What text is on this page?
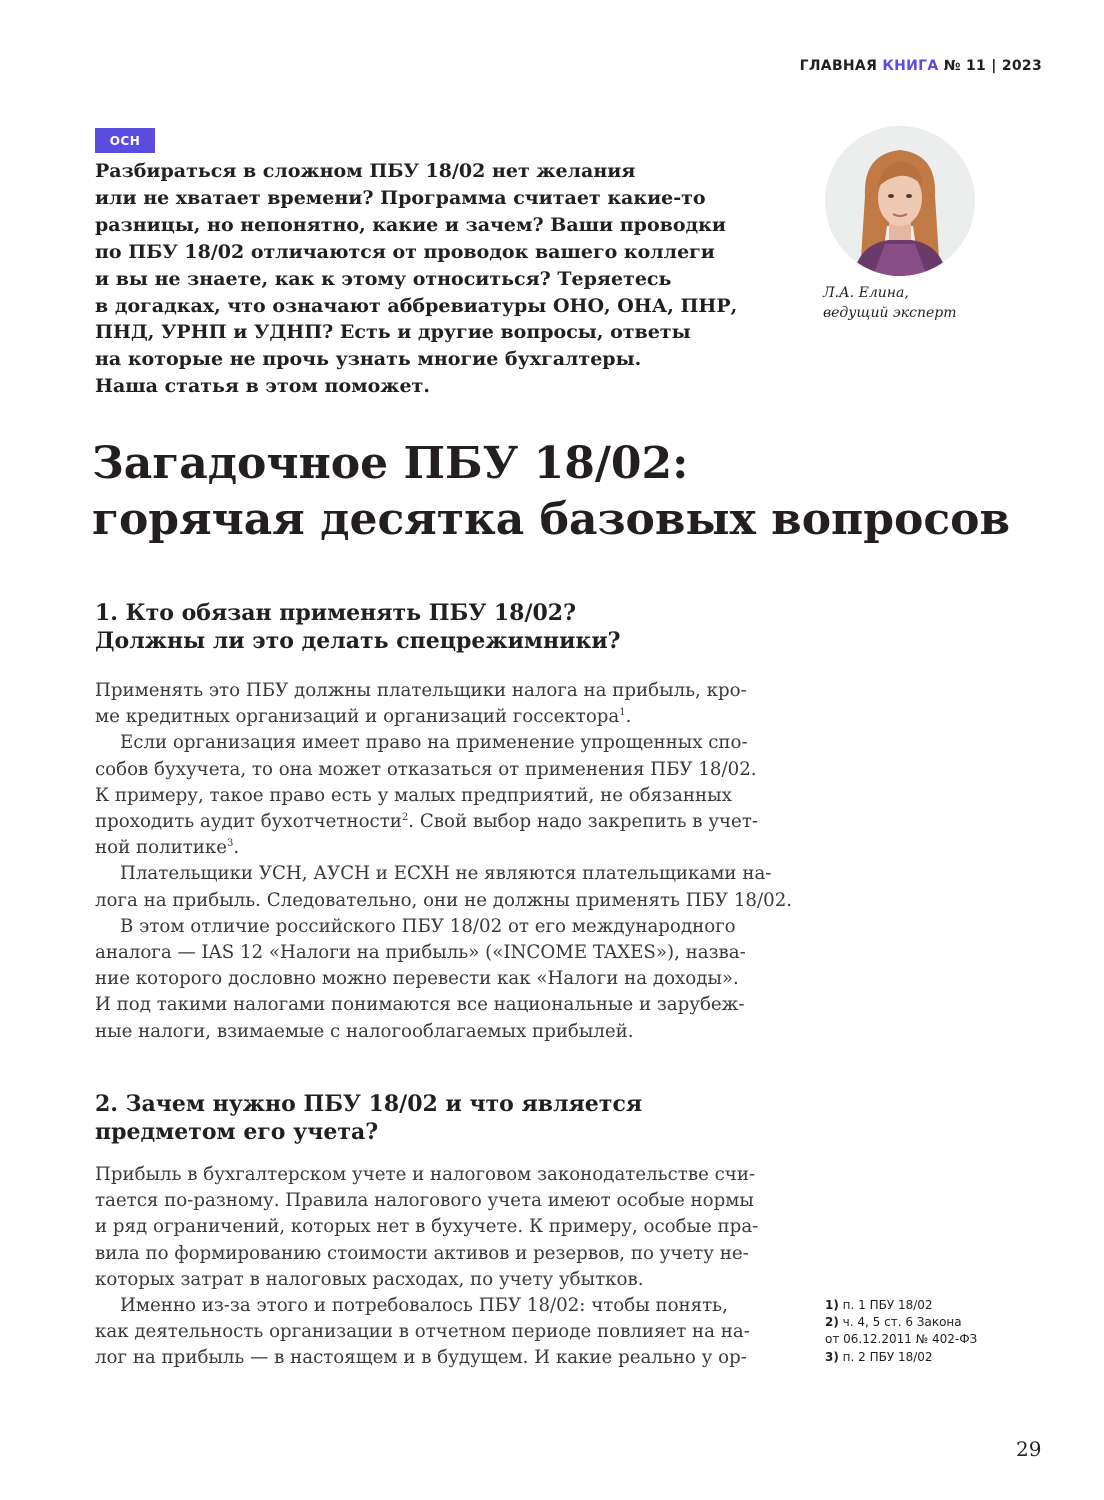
ГЛАВНАЯ КНИГА № 11 | 2023
ОСН
Разбираться в сложном ПБУ 18/02 нет желания
или не хватает времени? Программа считает какие-то
разницы, но непонятно, какие и зачем? Ваши проводки
по ПБУ 18/02 отличаются от проводок вашего коллеги
и вы не знаете, как к этому относиться? Теряетесь
в догадках, что означают аббревиатуры ОНО, ОНА, ПНР,
ПНД, УРНП и УДНП? Есть и другие вопросы, ответы
на которые не прочь узнать многие бухгалтеры.
Наша статья в этом поможет.
Л.А. Елина,
ведущий эксперт
Загадочное ПБУ 18/02:
горячая десятка базовых вопросов
1. Кто обязан применять ПБУ 18/02?
Должны ли это делать спецрежимники?
Применять это ПБУ должны плательщики налога на прибыль, кро-
ме кредитных организаций и организаций госсектора$^1$.
Если организация имеет право на применение упрощенных спо-
собов бухучета, то она может отказаться от применения ПБУ 18/02.
К примеру, такое право есть у малых предприятий, не обязанных
проходить аудит бухотчетности$^2$. Свой выбор надо закрепить в учет-
ной политике$^3$.
Плательщики УСН, АУСН и ЕСХН не являются плательщиками на-
лога на прибыль. Следовательно, они не должны применять ПБУ 18/02.
В этом отличие российского ПБУ 18/02 от его международного
аналога — IAS 12 «Налоги на прибыль» («INCOME TAXES»), назва-
ние которого дословно можно перевести как «Налоги на доходы».
И под такими налогами понимаются все национальные и зарубеж-
ные налоги, взимаемые с налогооблагаемых прибылей.
2. Зачем нужно ПБУ 18/02 и что является
предметом его учета?
Прибыль в бухгалтерском учете и налоговом законодательстве счи-
тается по-разному. Правила налогового учета имеют особые нормы
и ряд ограничений, которых нет в бухучете. К примеру, особые пра-
вила по формированию стоимости активов и резервов, по учету не-
которых затрат в налоговых расходах, по учету убытков.
Именно из-за этого и потребовалось ПБУ 18/02: чтобы понять,
как деятельность организации в отчетном периоде повлияет на на-
лог на прибыль — в настоящем и в будущем. И какие реально у ор-
1) п. 1 ПБУ 18/02
2) ч. 4, 5 ст. 6 Закона
от 06.12.2011 № 402-ФЗ
3) п. 2 ПБУ 18/02
29
